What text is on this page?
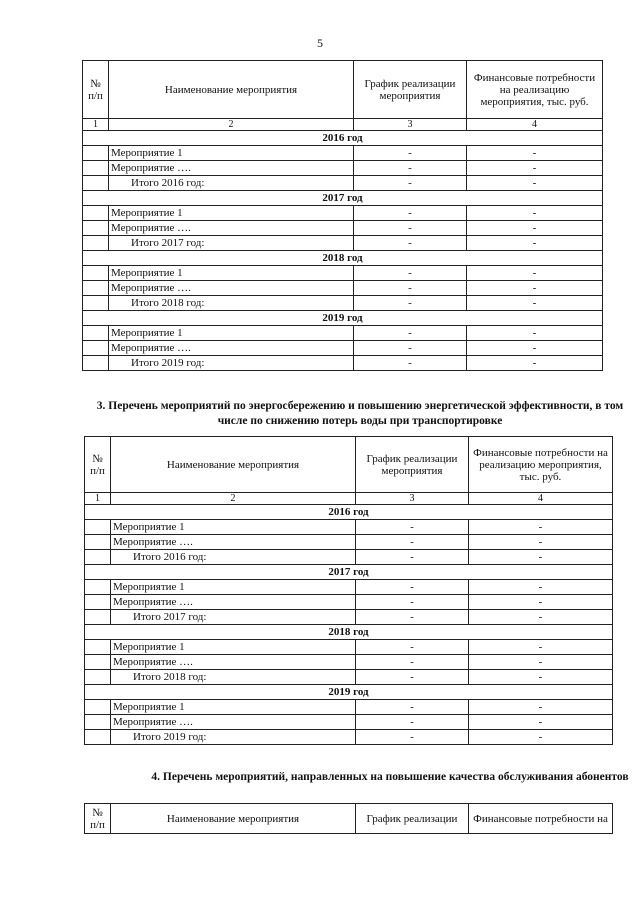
5
№ п/п	Наименование мероприятия	График реализации мероприятия	Финансовые потребности на реализацию мероприятия, тыс. руб.
1	2	3	4
2016 год			
	Мероприятие 1	-	-
	Мероприятие ….	-	-
	Итого 2016 год:	-	-
2017 год			
	Мероприятие 1	-	-
	Мероприятие ….	-	-
	Итого 2017 год:	-	-
2018 год			
	Мероприятие 1	-	-
	Мероприятие ….	-	-
	Итого 2018 год:	-	-
2019 год			
	Мероприятие 1	-	-
	Мероприятие ….	-	-
	Итого 2019 год:	-	-
3. Перечень мероприятий по энергосбережению и повышению энергетической эффективности, в том числе по снижению потерь воды при транспортировке
№ п/п	Наименование мероприятия	График реализации мероприятия	Финансовые потребности на реализацию мероприятия, тыс. руб.
1	2	3	4
2016 год			
	Мероприятие 1	-	-
	Мероприятие ….	-	-
	Итого 2016 год:	-	-
2017 год			
	Мероприятие 1	-	-
	Мероприятие ….	-	-
	Итого 2017 год:	-	-
2018 год			
	Мероприятие 1	-	-
	Мероприятие ….	-	-
	Итого 2018 год:	-	-
2019 год			
	Мероприятие 1	-	-
	Мероприятие ….	-	-
	Итого 2019 год:	-	-
4. Перечень мероприятий, направленных на повышение качества обслуживания абонентов
№ п/п	Наименование мероприятия	График реализации	Финансовые потребности на
